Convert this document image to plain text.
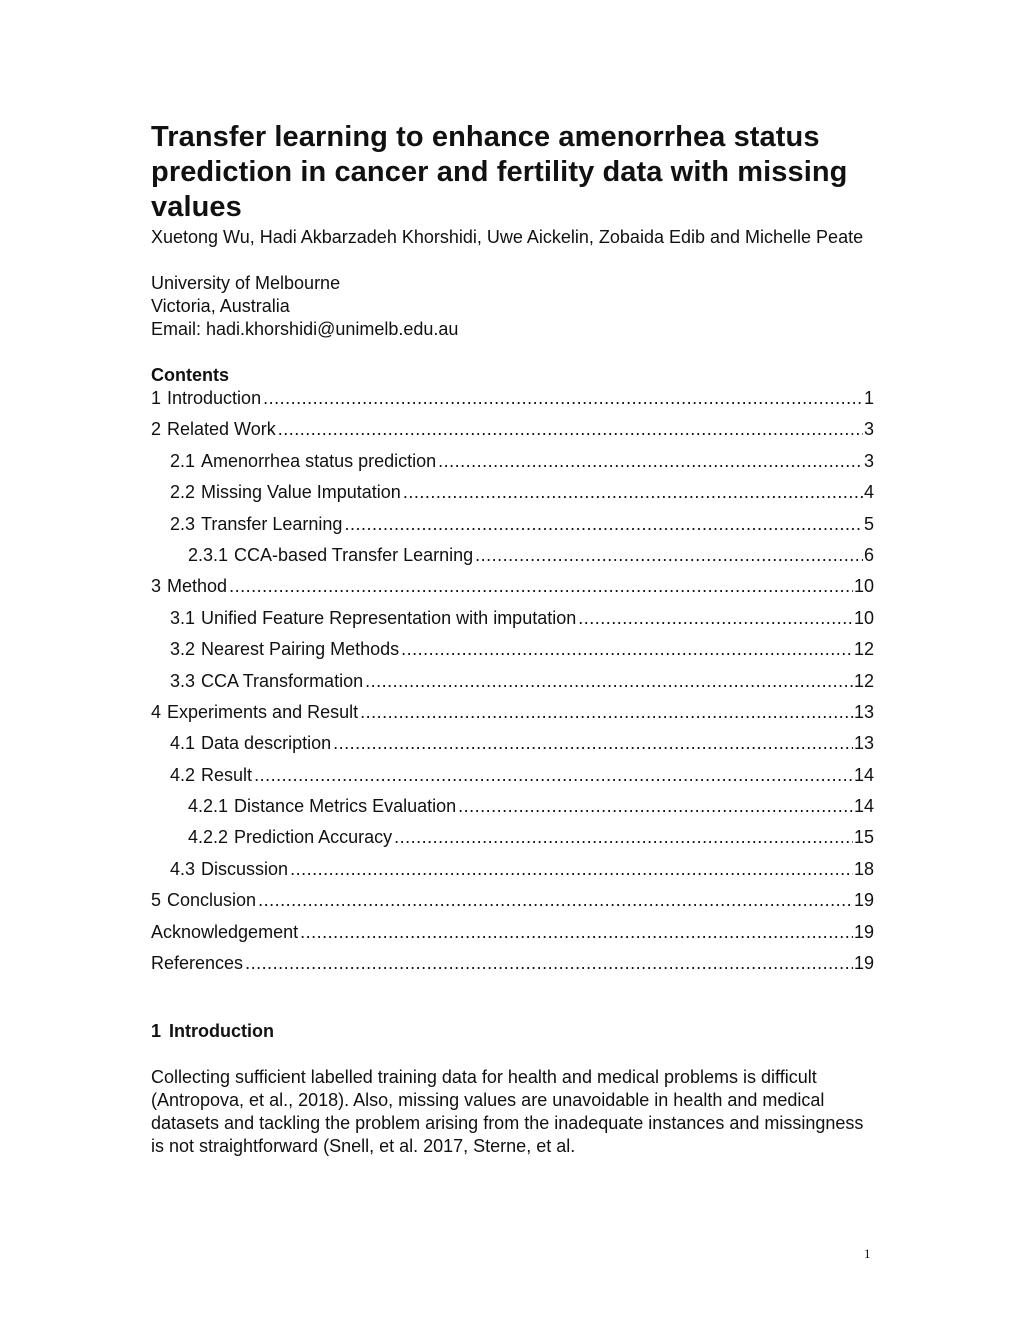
Transfer learning to enhance amenorrhea status prediction in cancer and fertility data with missing values
Xuetong Wu, Hadi Akbarzadeh Khorshidi, Uwe Aickelin, Zobaida Edib and Michelle Peate
University of Melbourne
Victoria, Australia
Email: hadi.khorshidi@unimelb.edu.au
Contents
1 Introduction .....	1
2 Related Work .....	3
2.1 Amenorrhea status prediction .....	3
2.2 Missing Value Imputation .....	4
2.3 Transfer Learning .....	5
2.3.1 CCA-based Transfer Learning .....	6
3 Method .....	10
3.1 Unified Feature Representation with imputation .....	10
3.2 Nearest Pairing Methods .....	12
3.3 CCA Transformation .....	12
4 Experiments and Result .....	13
4.1 Data description .....	13
4.2 Result .....	14
4.2.1 Distance Metrics Evaluation .....	14
4.2.2 Prediction Accuracy .....	15
4.3 Discussion .....	18
5 Conclusion .....	19
Acknowledgement .....	19
References .....	19
1 Introduction

Collecting sufficient labelled training data for health and medical problems is difficult (Antropova, et al., 2018). Also, missing values are unavoidable in health and medical datasets and tackling the problem arising from the inadequate instances and missingness is not straightforward (Snell, et al. 2017, Sterne, et al.

1
